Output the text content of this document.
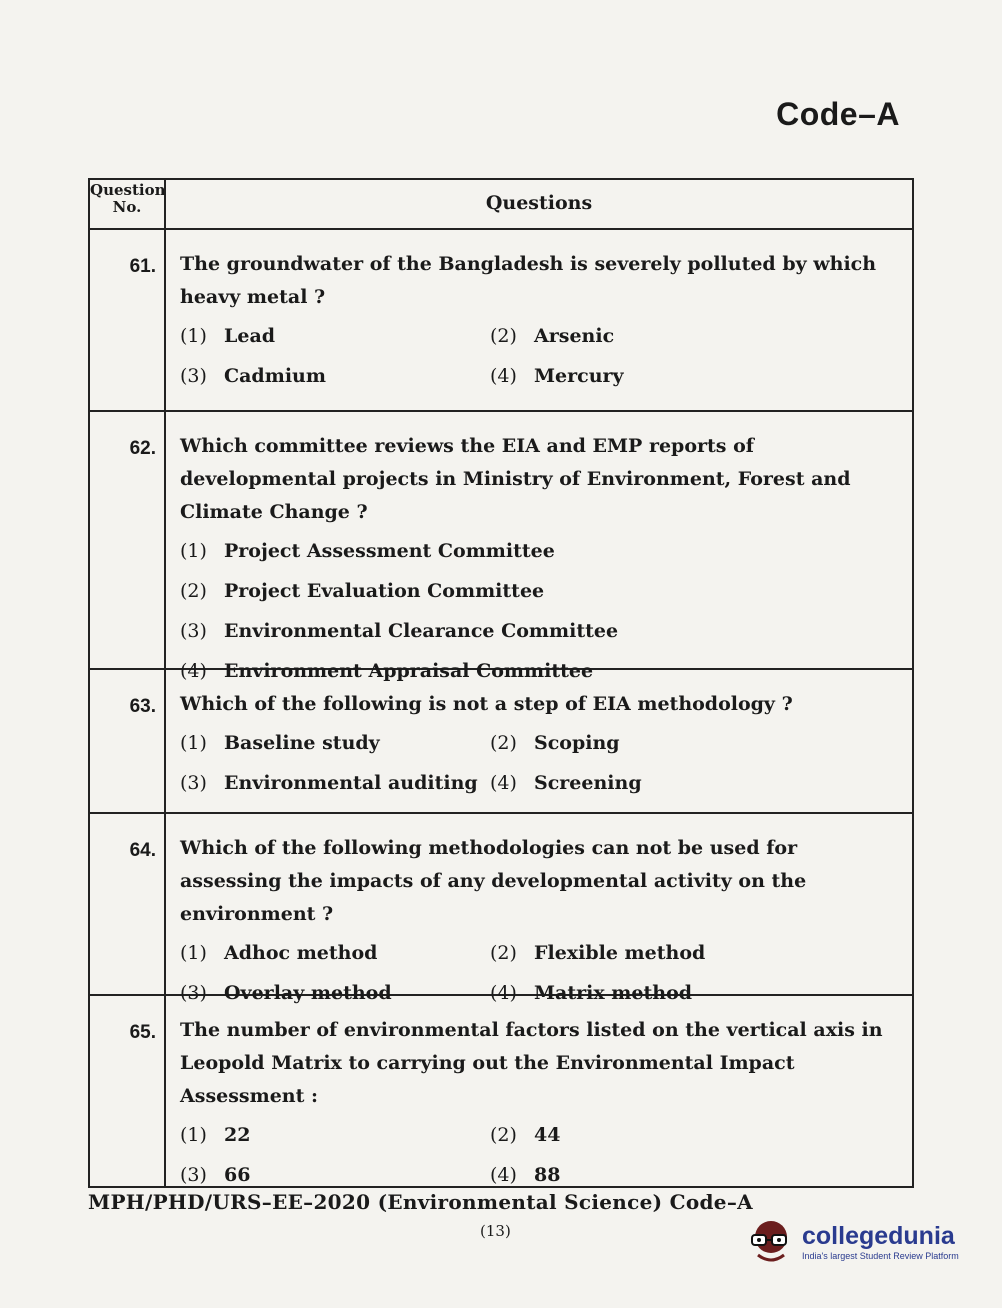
Code–A
Question
No.	Questions
61. The groundwater of the Bangladesh is severely polluted by which heavy metal ?

(1) Lead	(2) Arsenic
(3) Cadmium	(4) Mercury
62. Which committee reviews the EIA and EMP reports of developmental projects in Ministry of Environment, Forest and Climate Change ?

(1) Project Assessment Committee
(2) Project Evaluation Committee
(3) Environmental Clearance Committee
(4) Environment Appraisal Committee
63. Which of the following is not a step of EIA methodology ?

(1) Baseline study	(2) Scoping
(3) Environmental auditing (4) Screening
64. Which of the following methodologies can not be used for assessing the impacts of any developmental activity on the environment ?

(1) Adhoc method	(2) Flexible method
(3) Overlay method	(4) Matrix method
65. The number of environmental factors listed on the vertical axis in Leopold Matrix to carrying out the Environmental Impact Assessment :

(1) 22	(2) 44
(3) 66	(4) 88
MPH/PHD/URS–EE–2020 (Environmental Science) Code–A
(13)	collegedunia
India's largest Student Review Platform
